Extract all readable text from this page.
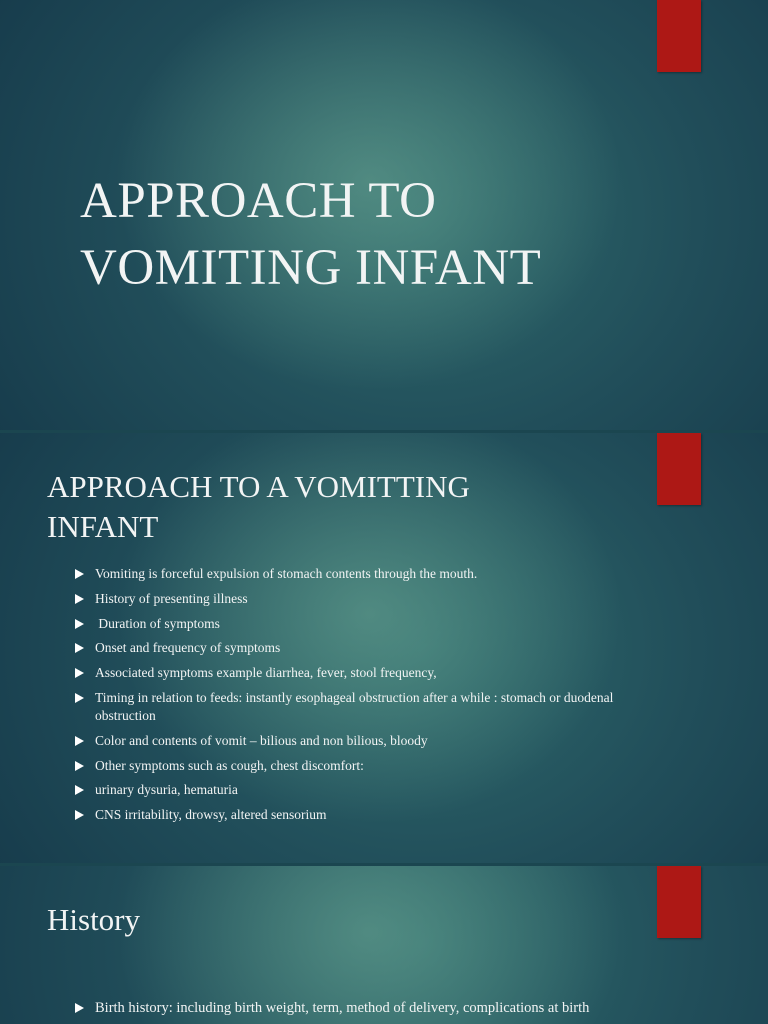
APPROACH TO
VOMITING INFANT
APPROACH TO A VOMITTING
INFANT
Vomiting is forceful expulsion of stomach contents through the mouth.
History of presenting illness
Duration of symptoms
Onset and frequency of symptoms
Associated symptoms example diarrhea, fever, stool frequency,
Timing in relation to feeds: instantly esophageal obstruction after a while : stomach or duodenal obstruction
Color and contents of vomit – bilious and non bilious, bloody
Other symptoms such as cough, chest discomfort:
urinary dysuria, hematuria
CNS irritability, drowsy, altered sensorium
History
Birth history: including birth weight, term, method of delivery, complications at birth
